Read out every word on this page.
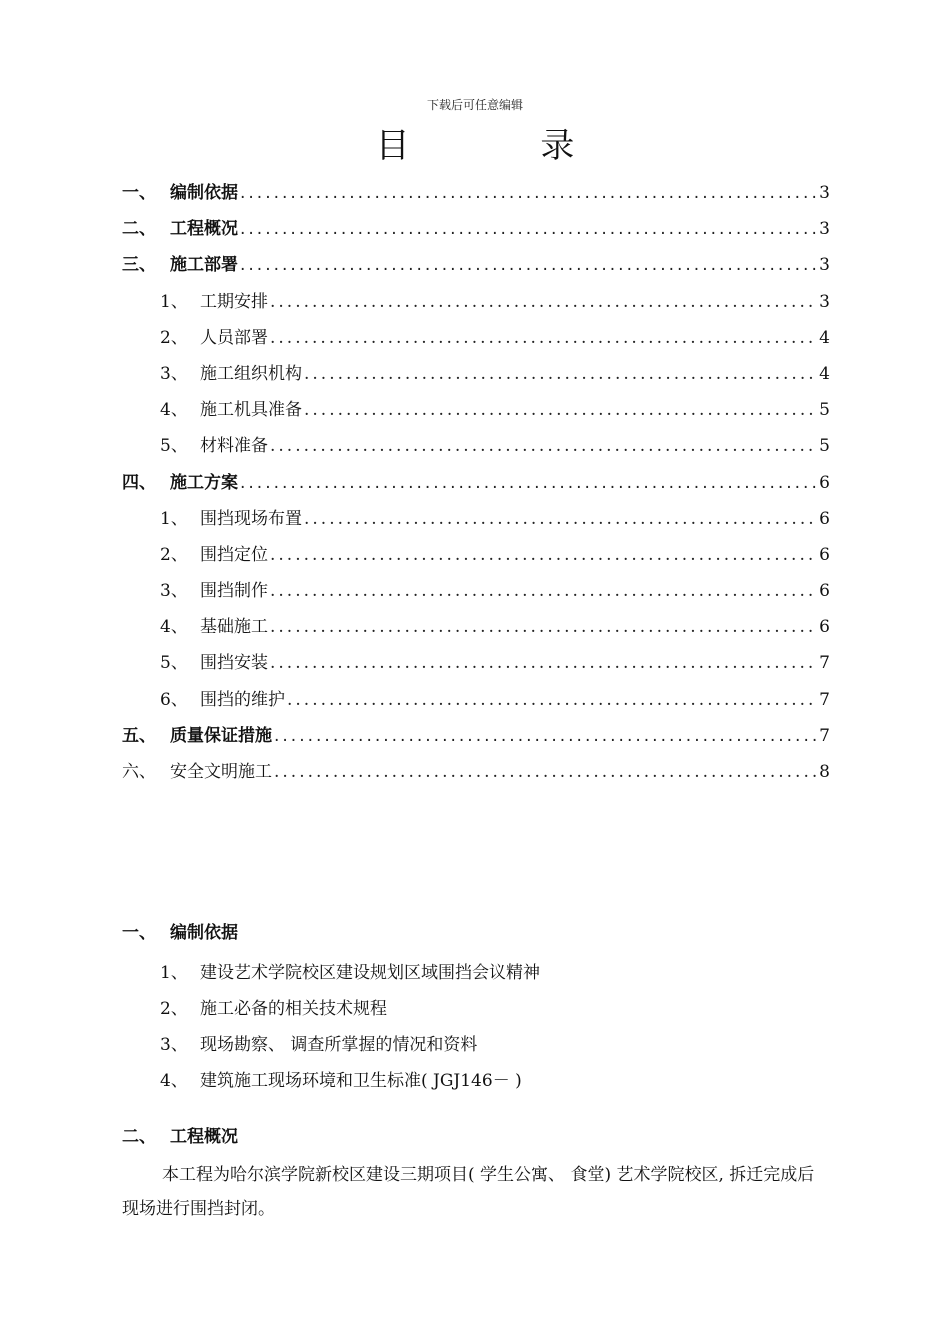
下载后可任意编辑
目 录
一、 编制依据 .....	3
二、 工程概况 .....	3
三、 施工部署 .....	3
1、 工期安排 .....	3
2、 人员部署 .....	4
3、 施工组织机构 .....	4
4、 施工机具准备 .....	5
5、 材料准备 .....	5
四、 施工方案 .....	6
1、 围挡现场布置 .....	6
2、 围挡定位 .....	6
3、 围挡制作 .....	6
4、 基础施工 .....	6
5、 围挡安装 .....	7
6、 围挡的维护 .....	7
五、 质量保证措施 .....	7
六、 安全文明施工 .....	8
一、 编制依据
1、 建设艺术学院校区建设规划区域围挡会议精神
2、 施工必备的相关技术规程
3、 现场勘察、 调查所掌握的情况和资料
4、 建筑施工现场环境和卫生标准( JGJ146－ )
二、 工程概况
本工程为哈尔滨学院新校区建设三期项目( 学生公寓、 食堂) 艺术学院校区, 拆迁完成后现场进行围挡封闭。
